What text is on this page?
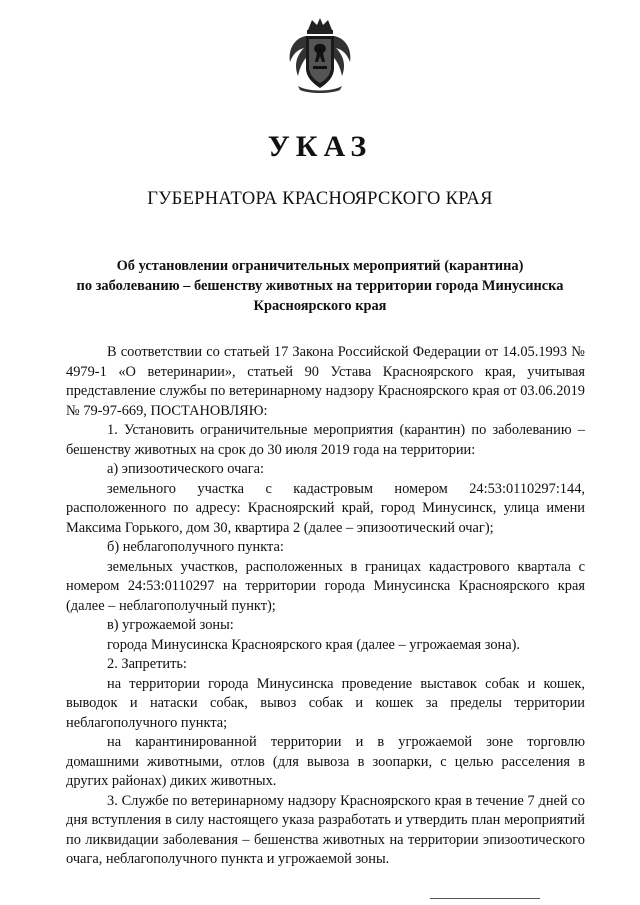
УКАЗ
ГУБЕРНАТОРА КРАСНОЯРСКОГО КРАЯ
Об установлении ограничительных мероприятий (карантина)
по заболеванию – бешенству животных на территории города Минусинска
Красноярского края

В соответствии со статьей 17 Закона Российской Федерации от 14.05.1993 № 4979-1 «О ветеринарии», статьей 90 Устава Красноярского края, учитывая представление службы по ветеринарному надзору Красноярского края от 03.06.2019 № 79-97-669, ПОСТАНОВЛЯЮ:

1. Установить ограничительные мероприятия (карантин) по заболеванию – бешенству животных на срок до 30 июля 2019 года на территории:

а) эпизоотического очага:

земельного участка с кадастровым номером 24:53:0110297:144, расположенного по адресу: Красноярский край, город Минусинск, улица имени Максима Горького, дом 30, квартира 2 (далее – эпизоотический очаг);

б) неблагополучного пункта:

земельных участков, расположенных в границах кадастрового квартала с номером 24:53:0110297 на территории города Минусинска Красноярского края (далее – неблагополучный пункт);

в) угрожаемой зоны:

города Минусинска Красноярского края (далее – угрожаемая зона).

2. Запретить:

на территории города Минусинска проведение выставок собак и кошек, выводок и натаски собак, вывоз собак и кошек за пределы территории неблагополучного пункта;

на карантинированной территории и в угрожаемой зоне торговлю домашними животными, отлов (для вывоза в зоопарки, с целью расселения в других районах) диких животных.

3. Службе по ветеринарному надзору Красноярского края в течение 7 дней со дня вступления в силу настоящего указа разработать и утвердить план мероприятий по ликвидации заболевания – бешенства животных на территории эпизоотического очага, неблагополучного пункта и угрожаемой зоны.
